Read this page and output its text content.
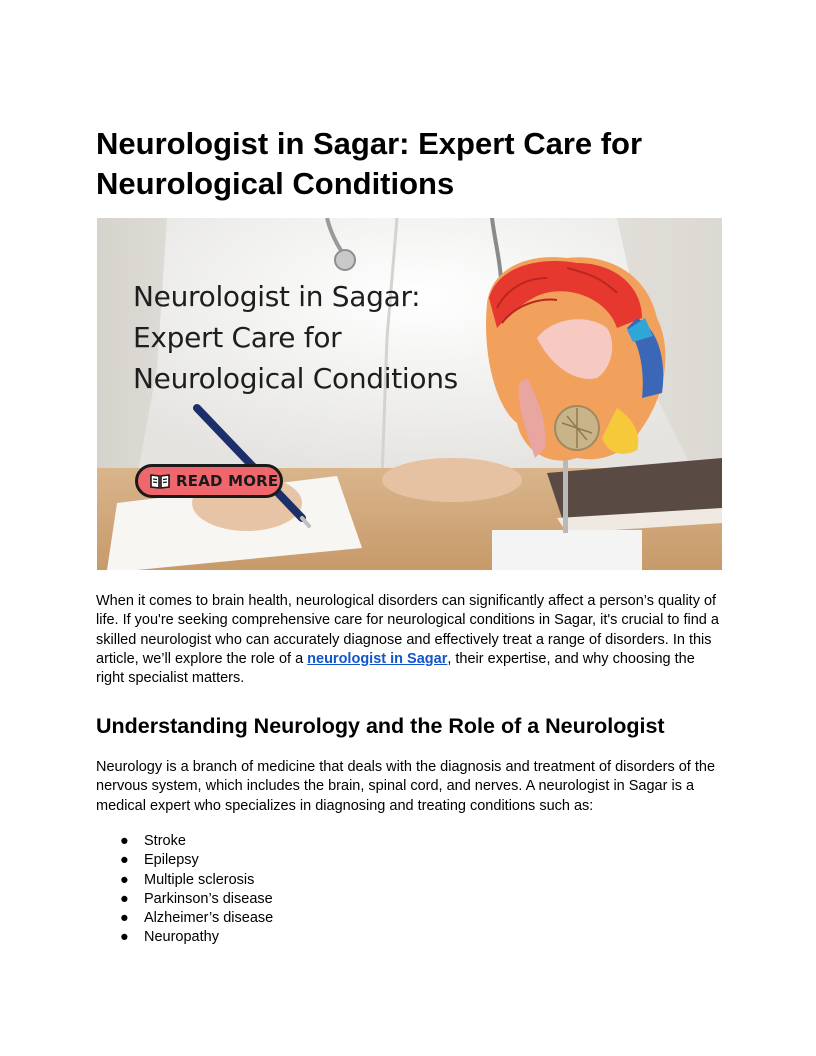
Neurologist in Sagar: Expert Care for
Neurological Conditions
Neurologist in Sagar:
Expert Care for
Neurological Conditions
READ MORE

When it comes to brain health, neurological disorders can significantly affect a person’s quality of life. If you're seeking comprehensive care for neurological conditions in Sagar, it's crucial to find a skilled neurologist who can accurately diagnose and effectively treat a range of disorders. In this article, we’ll explore the role of a neurologist in Sagar, their expertise, and why choosing the right specialist matters.

Understanding Neurology and the Role of a Neurologist

Neurology is a branch of medicine that deals with the diagnosis and treatment of disorders of the nervous system, which includes the brain, spinal cord, and nerves. A neurologist in Sagar is a medical expert who specializes in diagnosing and treating conditions such as:

● Stroke
● Epilepsy
● Multiple sclerosis
● Parkinson’s disease
● Alzheimer’s disease
● Neuropathy
